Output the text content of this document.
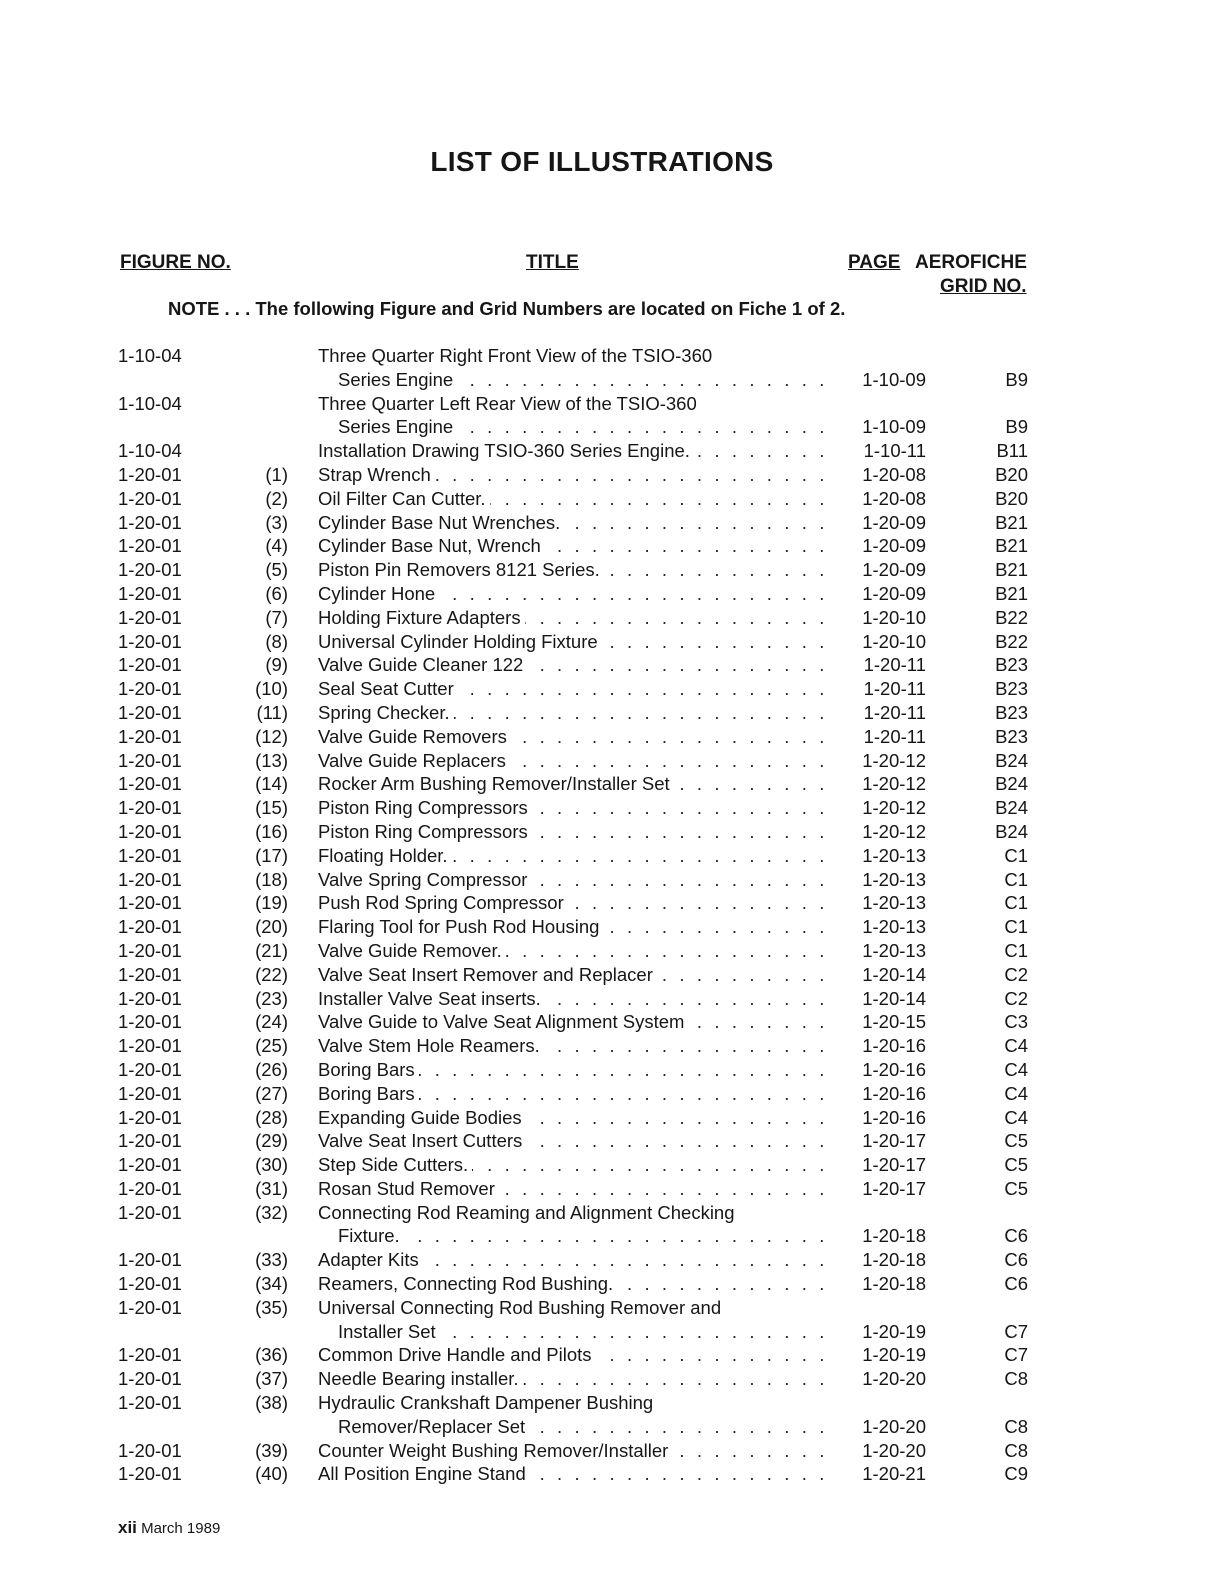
LIST OF ILLUSTRATIONS
FIGURE NO.	TITLE	PAGE AEROFICHE
GRID NO.
NOTE . . . The following Figure and Grid Numbers are located on Fiche 1 of 2.
1-10-04	Three Quarter Right Front View of the TSIO-360
Series Engine . . .	1-10-09	B9
1-10-04	Three Quarter Left Rear View of the TSIO-360
Series Engine . . .	1-10-09	B9
1-10-04	Installation Drawing TSIO-360 Series Engine. . . .	1-10-11	B11
1-20-01	(1) Strap Wrench . . .	1-20-08	B20
1-20-01	(2) Oil Filter Can Cutter. . . .	1-20-08	B20
1-20-01	(3) Cylinder Base Nut Wrenches. . . .	1-20-09	B21
1-20-01	(4) Cylinder Base Nut, Wrench . . .	1-20-09	B21
1-20-01	(5) Piston Pin Removers 8121 Series. . . .	1-20-09	B21
1-20-01	(6) Cylinder Hone . . .	1-20-09	B21
1-20-01	(7) Holding Fixture Adapters . . .	1-20-10	B22
1-20-01	(8) Universal Cylinder Holding Fixture . . .	1-20-10	B22
1-20-01	(9) Valve Guide Cleaner 122 . . .	1-20-11	B23
1-20-01	(10) Seal Seat Cutter . . .	1-20-11	B23
1-20-01	(11) Spring Checker. . . .	1-20-11	B23
1-20-01	(12) Valve Guide Removers . . .	1-20-11	B23
1-20-01	(13) Valve Guide Replacers . . .	1-20-12	B24
1-20-01	(14) Rocker Arm Bushing Remover/Installer Set . . .	1-20-12	B24
1-20-01	(15) Piston Ring Compressors . . .	1-20-12	B24
1-20-01	(16) Piston Ring Compressors . . .	1-20-12	B24
1-20-01	(17) Floating Holder. . . .	1-20-13	C1
1-20-01	(18) Valve Spring Compressor . . .	1-20-13	C1
1-20-01	(19) Push Rod Spring Compressor . . .	1-20-13	C1
1-20-01	(20) Flaring Tool for Push Rod Housing . . .	1-20-13	C1
1-20-01	(21) Valve Guide Remover. . . .	1-20-13	C1
1-20-01	(22) Valve Seat Insert Remover and Replacer . . .	1-20-14	C2
1-20-01	(23) Installer Valve Seat inserts. . . .	1-20-14	C2
1-20-01	(24) Valve Guide to Valve Seat Alignment System . . .	1-20-15	C3
1-20-01	(25) Valve Stem Hole Reamers. . . .	1-20-16	C4
1-20-01	(26) Boring Bars . . .	1-20-16	C4
1-20-01	(27) Boring Bars . . .	1-20-16	C4
1-20-01	(28) Expanding Guide Bodies . . .	1-20-16	C4
1-20-01	(29) Valve Seat Insert Cutters . . .	1-20-17	C5
1-20-01	(30) Step Side Cutters. . . .	1-20-17	C5
1-20-01	(31) Rosan Stud Remover . . .	1-20-17	C5
1-20-01	(32) Connecting Rod Reaming and Alignment Checking
Fixture. . . .	1-20-18	C6
1-20-01	(33) Adapter Kits . . .	1-20-18	C6
1-20-01	(34) Reamers, Connecting Rod Bushing. . . .	1-20-18	C6
1-20-01	(35) Universal Connecting Rod Bushing Remover and
Installer Set . . .	1-20-19	C7
1-20-01	(36) Common Drive Handle and Pilots . . .	1-20-19	C7
1-20-01	(37) Needle Bearing installer. . . .	1-20-20	C8
1-20-01	(38) Hydraulic Crankshaft Dampener Bushing
Remover/Replacer Set . . .	1-20-20	C8
1-20-01	(39) Counter Weight Bushing Remover/Installer . . .	1-20-20	C8
1-20-01	(40) All Position Engine Stand . . .	1-20-21	C9
xii March 1989
